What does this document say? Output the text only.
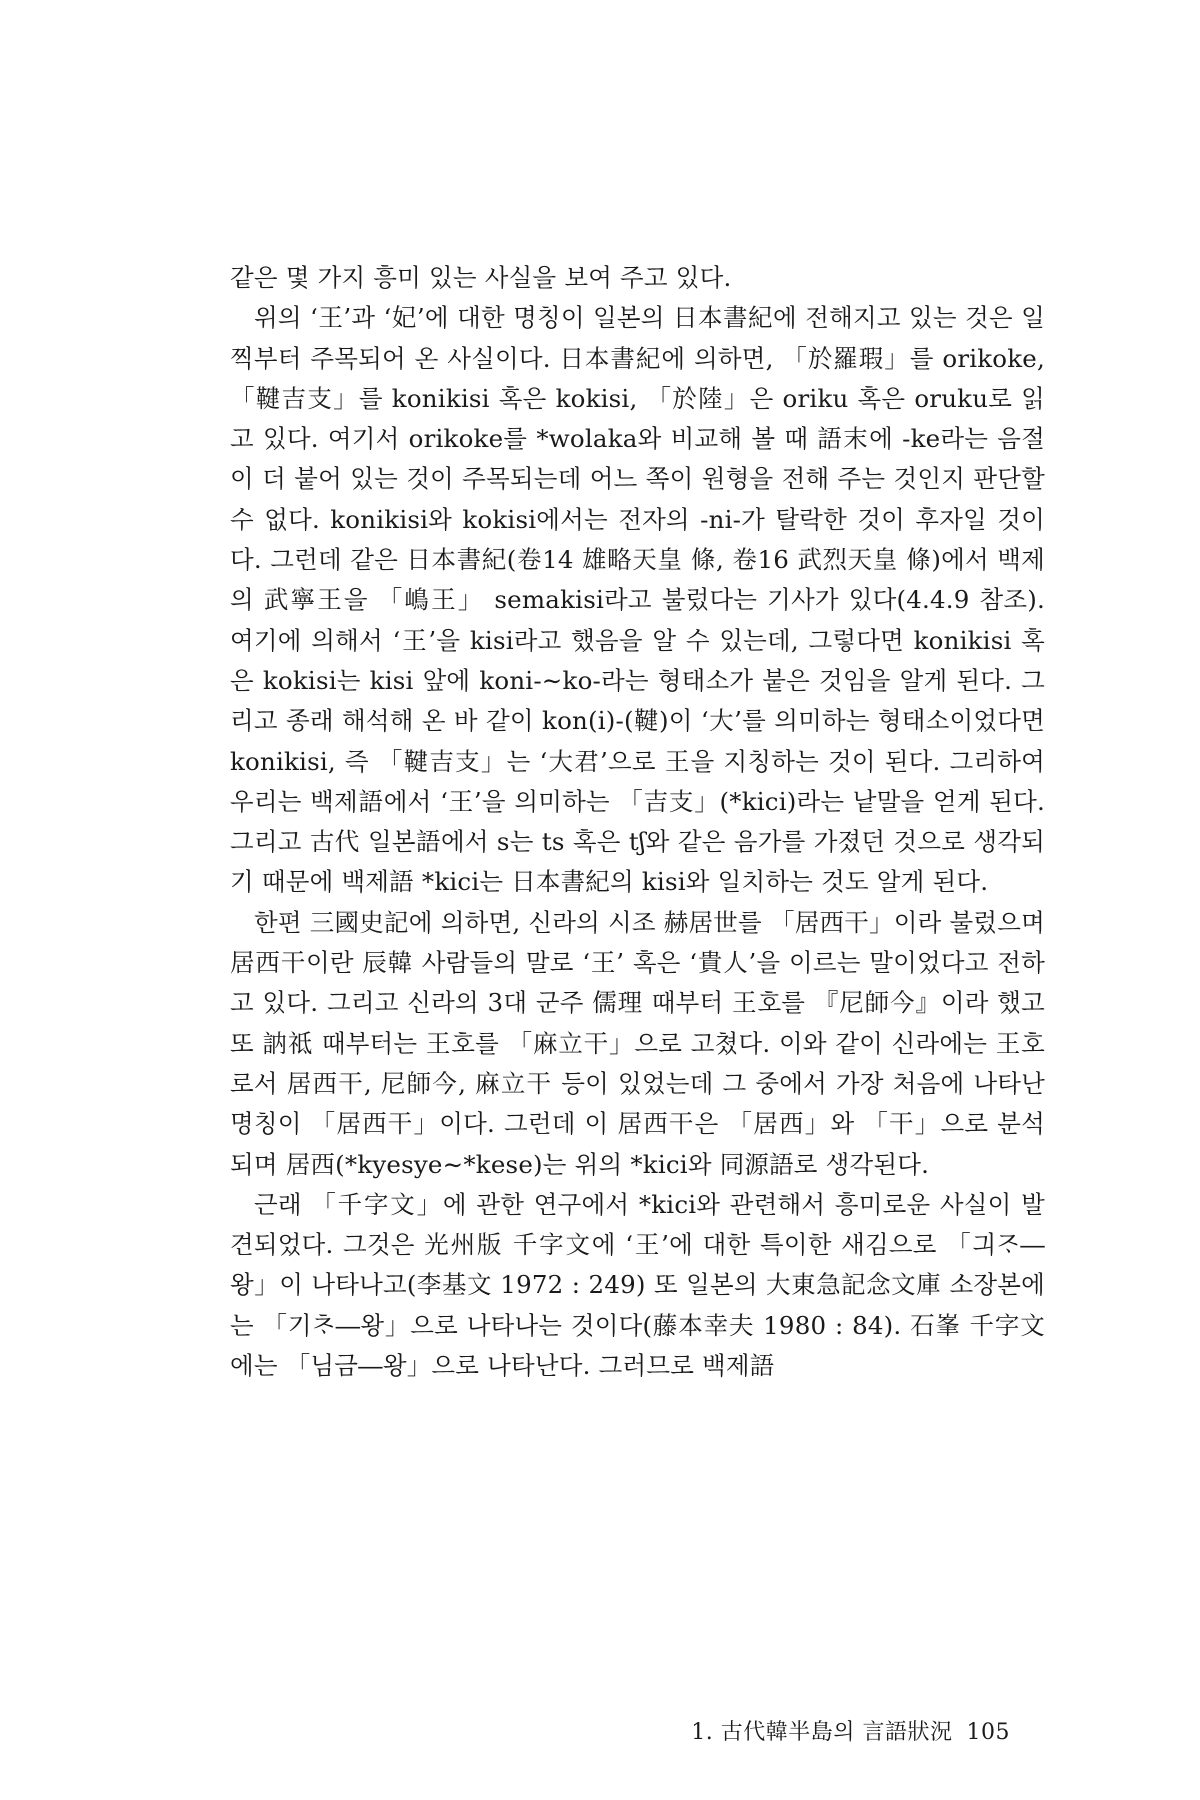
같은 몇 가지 흥미 있는 사실을 보여 주고 있다.

위의 ‘王’과 ‘妃’에 대한 명칭이 일본의 日本書紀에 전해지고 있는 것은 일찍부터 주목되어 온 사실이다. 日本書紀에 의하면, 「於羅瑕」를 orikoke, 「鞬吉支」를 konikisi 혹은 kokisi, 「於陸」은 oriku 혹은 oruku로 읽고 있다. 여기서 orikoke를 *wolaka와 비교해 볼 때 語末에 -ke라는 음절이 더 붙어 있는 것이 주목되는데 어느 쪽이 원형을 전해 주는 것인지 판단할 수 없다. konikisi와 kokisi에서는 전자의 -ni-가 탈락한 것이 후자일 것이다. 그런데 같은 日本書紀(卷14 雄略天皇 條, 卷16 武烈天皇 條)에서 백제의 武寧王을 「嶋王」 semakisi라고 불렀다는 기사가 있다(4.4.9 참조). 여기에 의해서 ‘王’을 kisi라고 했음을 알 수 있는데, 그렇다면 konikisi 혹은 kokisi는 kisi 앞에 koni-∼ko-라는 형태소가 붙은 것임을 알게 된다. 그리고 종래 해석해 온 바 같이 kon(i)-(鞬)이 ‘大’를 의미하는 형태소이었다면 konikisi, 즉 「鞬吉支」는 ‘大君’으로 王을 지칭하는 것이 된다. 그리하여 우리는 백제語에서 ‘王’을 의미하는 「吉支」(*kici)라는 낱말을 얻게 된다. 그리고 古代 일본語에서 s는 ts 혹은 tʃ와 같은 음가를 가졌던 것으로 생각되기 때문에 백제語 *kici는 日本書紀의 kisi와 일치하는 것도 알게 된다.

한편 三國史記에 의하면, 신라의 시조 赫居世를 「居西干」이라 불렀으며 居西干이란 辰韓 사람들의 말로 ‘王’ 혹은 ‘貴人’을 이르는 말이었다고 전하고 있다. 그리고 신라의 3대 군주 儒理 때부터 王호를 『尼師今』이라 했고 또 訥祗 때부터는 王호를 「麻立干」으로 고쳤다. 이와 같이 신라에는 王호로서 居西干, 尼師今, 麻立干 등이 있었는데 그 중에서 가장 처음에 나타난 명칭이 「居西干」이다. 그런데 이 居西干은 「居西」와 「干」으로 분석되며 居西(*kyesye∼*kese)는 위의 *kici와 同源語로 생각된다.

근래 「千字文」에 관한 연구에서 *kici와 관련해서 흥미로운 사실이 발견되었다. 그것은 光州版 千字文에 ‘王’에 대한 특이한 새김으로 「긔ᄌᆞ―왕」이 나타나고(李基文 1972 : 249) 또 일본의 大東急記念文庫 소장본에는 「기ᄎᆞ―왕」으로 나타나는 것이다(藤本幸夫 1980 : 84). 石峯 千字文에는 「님금―왕」으로 나타난다. 그러므로 백제語

1. 古代韓半島의 言語狀況 105
